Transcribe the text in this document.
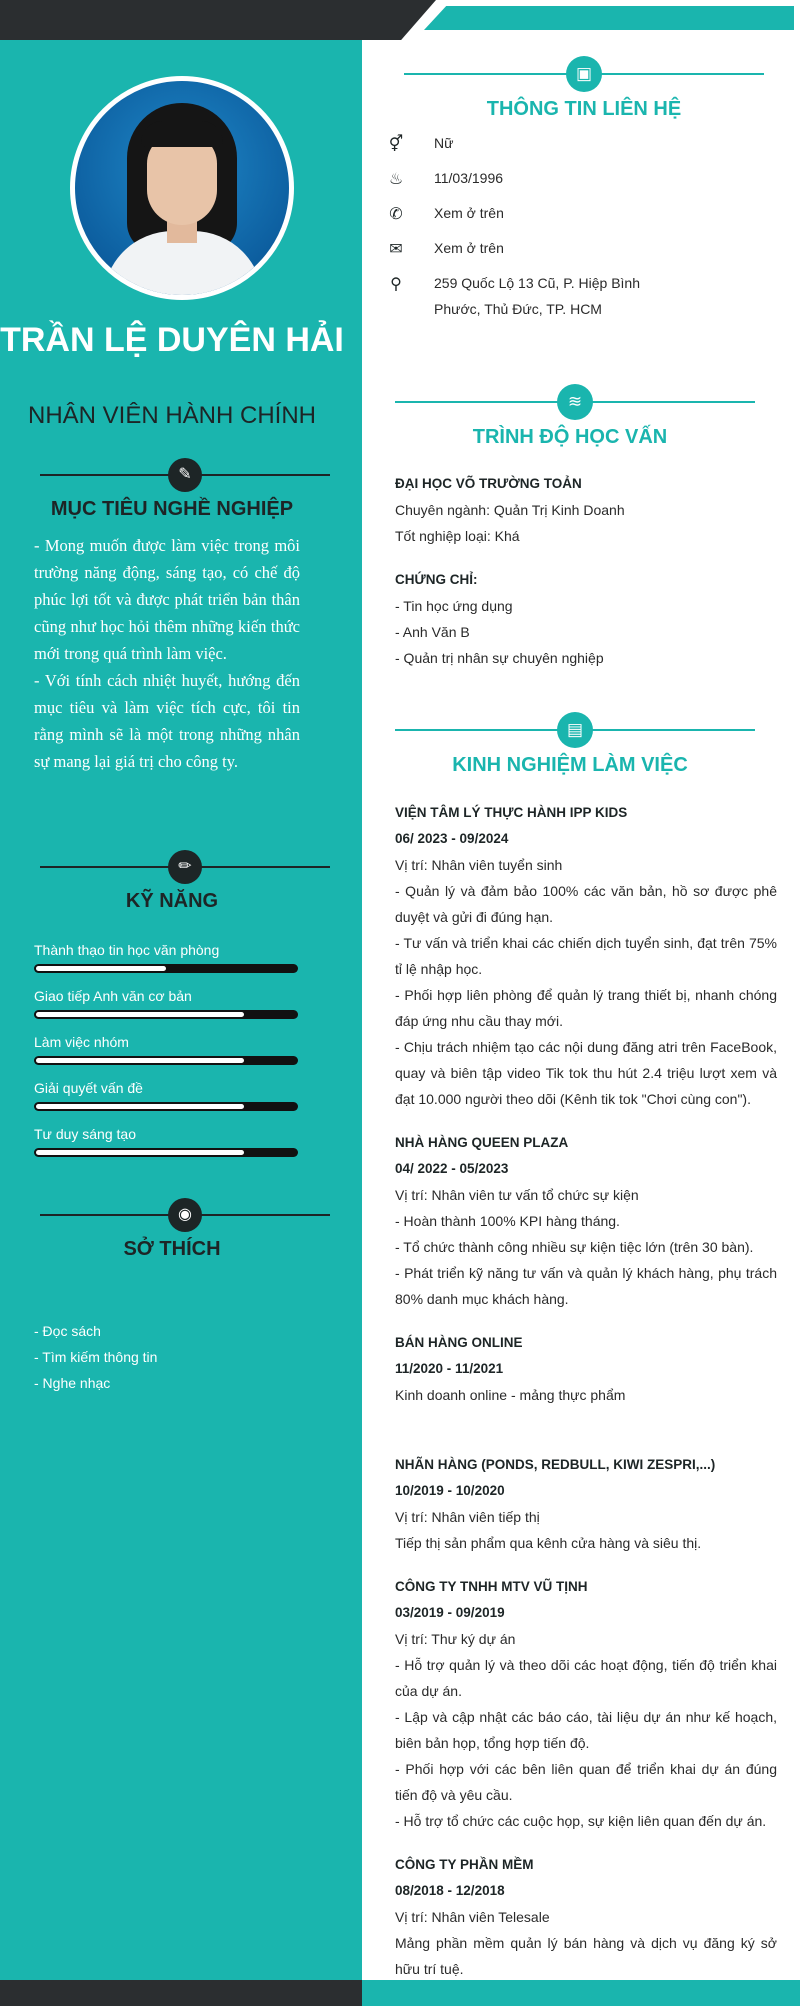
TRẦN LỆ DUYÊN HẢI
NHÂN VIÊN HÀNH CHÍNH
✎
MỤC TIÊU NGHỀ NGHIỆP

- Mong muốn được làm việc trong môi trường năng động, sáng tạo, có chế độ phúc lợi tốt và được phát triển bản thân cũng như học hỏi thêm những kiến thức mới trong quá trình làm việc.

- Với tính cách nhiệt huyết, hướng đến mục tiêu và làm việc tích cực, tôi tin rằng mình sẽ là một trong những nhân sự mang lại giá trị cho công ty.

✏
KỸ NĂNG
Thành thạo tin học văn phòng
Giao tiếp Anh văn cơ bản
Làm việc nhóm
Giải quyết vấn đề
Tư duy sáng tạo
◉
SỞ THÍCH
- Đọc sách
- Tìm kiếm thông tin
- Nghe nhạc
▣
THÔNG TIN LIÊN HỆ
⚥	Nữ
♨	11/03/1996
✆	Xem ở trên
✉	Xem ở trên
⚲	259 Quốc Lộ 13 Cũ, P. Hiệp Bình Phước, Thủ Đức, TP. HCM
≋
TRÌNH ĐỘ HỌC VẤN
ĐẠI HỌC VÕ TRƯỜNG TOẢN
Chuyên ngành: Quản Trị Kinh Doanh
Tốt nghiệp loại: Khá
CHỨNG CHỈ:
- Tin học ứng dụng
- Anh Văn B
- Quản trị nhân sự chuyên nghiệp
▤
KINH NGHIỆM LÀM VIỆC
VIỆN TÂM LÝ THỰC HÀNH IPP KIDS
06/ 2023 - 09/2024
Vị trí: Nhân viên tuyển sinh
- Quản lý và đảm bảo 100% các văn bản, hồ sơ được phê duyệt và gửi đi đúng hạn.
- Tư vấn và triển khai các chiến dịch tuyển sinh, đạt trên 75% tỉ lệ nhập học.
- Phối hợp liên phòng để quản lý trang thiết bị, nhanh chóng đáp ứng nhu cầu thay mới.
- Chịu trách nhiệm tạo các nội dung đăng atri trên FaceBook, quay và biên tập video Tik tok thu hút 2.4 triệu lượt xem và đạt 10.000 người theo dõi (Kênh tik tok "Chơi cùng con").
NHÀ HÀNG QUEEN PLAZA
04/ 2022 - 05/2023
Vị trí: Nhân viên tư vấn tổ chức sự kiện
- Hoàn thành 100% KPI hàng tháng.
- Tổ chức thành công nhiều sự kiện tiệc lớn (trên 30 bàn).
- Phát triển kỹ năng tư vấn và quản lý khách hàng, phụ trách 80% danh mục khách hàng.
BÁN HÀNG ONLINE
11/2020 - 11/2021
Kinh doanh online - mảng thực phẩm
NHÃN HÀNG (PONDS, REDBULL, KIWI ZESPRI,...)
10/2019 - 10/2020
Vị trí: Nhân viên tiếp thị
Tiếp thị sản phẩm qua kênh cửa hàng và siêu thị.
CÔNG TY TNHH MTV VŨ TỊNH
03/2019 - 09/2019
Vị trí: Thư ký dự án
- Hỗ trợ quản lý và theo dõi các hoạt động, tiến độ triển khai của dự án.
- Lập và cập nhật các báo cáo, tài liệu dự án như kế hoạch, biên bản họp, tổng hợp tiến độ.
- Phối hợp với các bên liên quan để triển khai dự án đúng tiến độ và yêu cầu.
- Hỗ trợ tổ chức các cuộc họp, sự kiện liên quan đến dự án.
CÔNG TY PHẦN MỀM
08/2018 - 12/2018
Vị trí: Nhân viên Telesale
Mảng phần mềm quản lý bán hàng và dịch vụ đăng ký sở hữu trí tuệ.
